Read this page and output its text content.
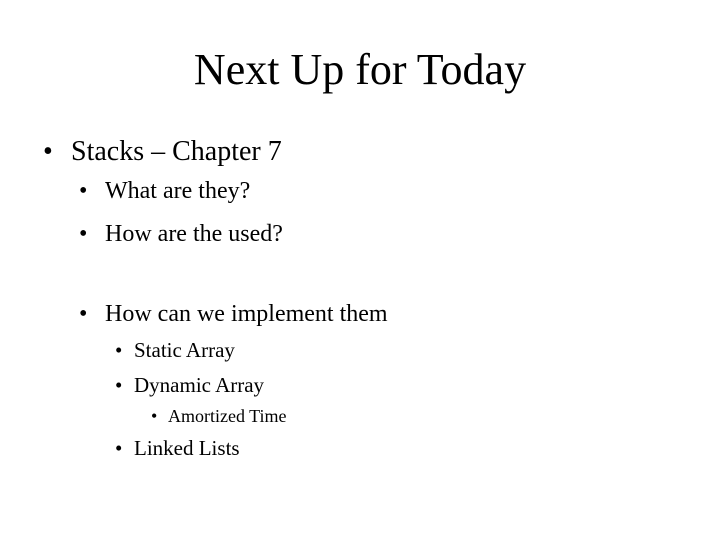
Next Up for Today
• Stacks – Chapter 7
• What are they?
• How are the used?
• How can we implement them
• Static Array
• Dynamic Array
• Amortized Time
• Linked Lists
